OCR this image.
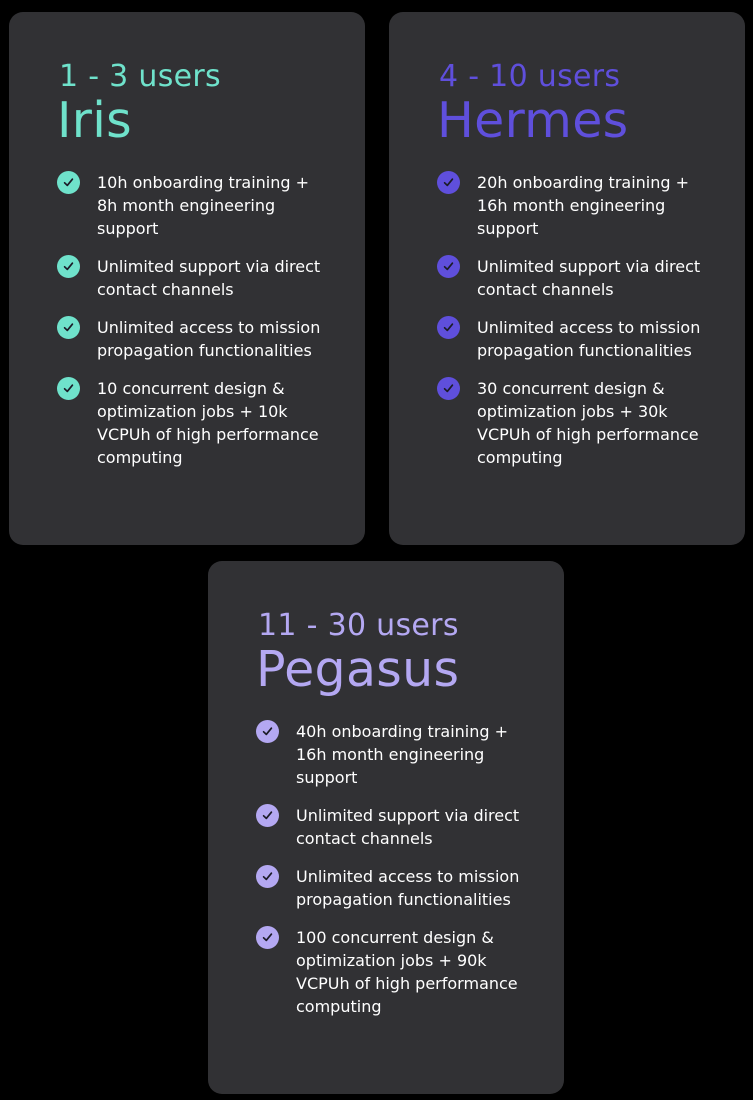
1 - 3 users
Iris
10h onboarding training + 8h month engineering support
Unlimited support via direct contact channels
Unlimited access to mission propagation functionalities
10 concurrent design & optimization jobs + 10k VCPUh of high performance computing
4 - 10 users
Hermes
20h onboarding training + 16h month engineering support
Unlimited support via direct contact channels
Unlimited access to mission propagation functionalities
30 concurrent design & optimization jobs + 30k VCPUh of high performance computing
11 - 30 users
Pegasus
40h onboarding training + 16h month engineering support
Unlimited support via direct contact channels
Unlimited access to mission propagation functionalities
100 concurrent design & optimization jobs + 90k VCPUh of high performance computing
